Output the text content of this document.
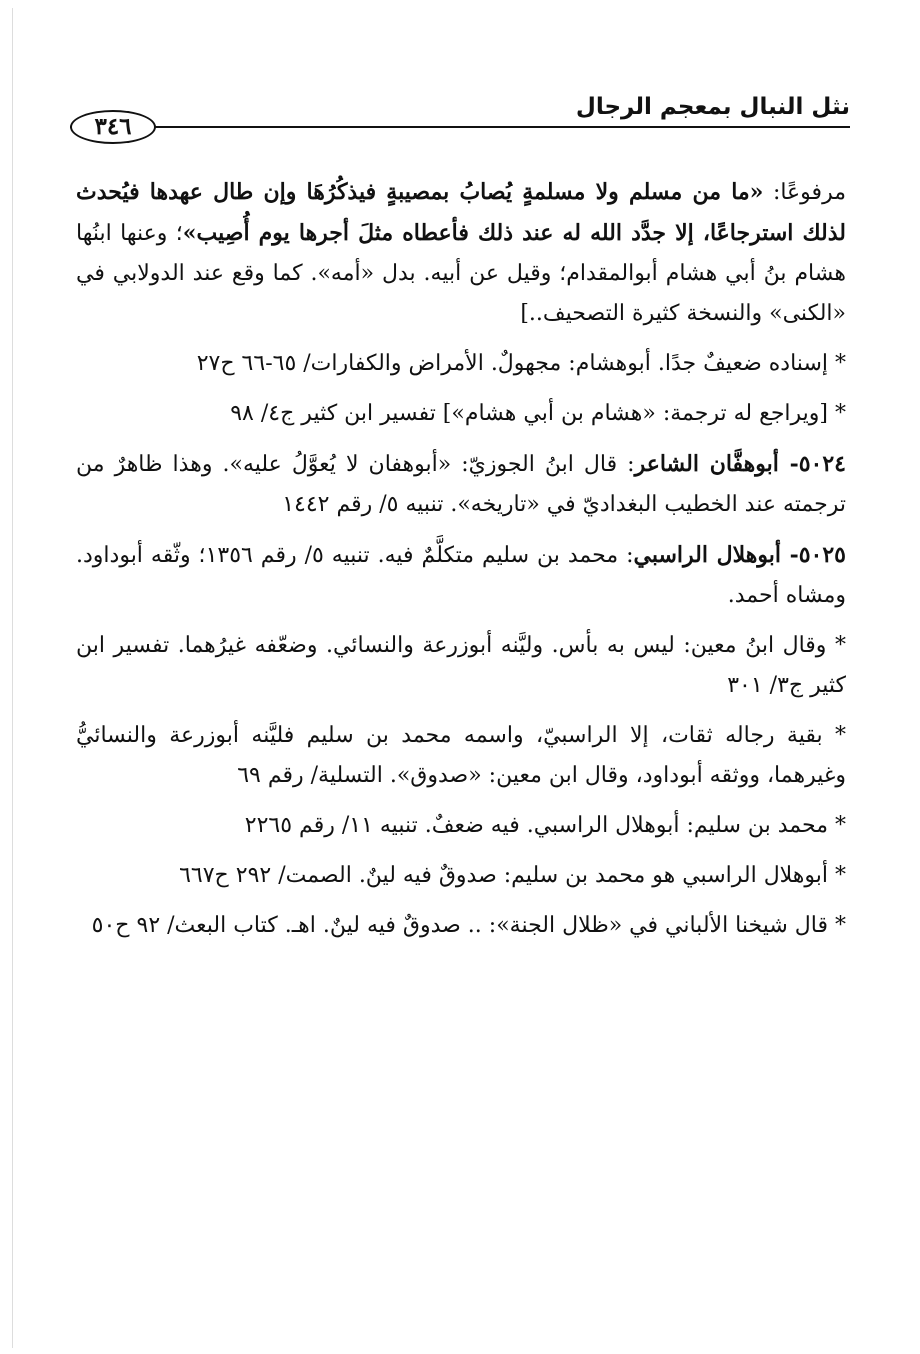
نثل النبال بمعجم الرجال
٣٤٦

مرفوعًا: «ما من مسلم ولا مسلمةٍ يُصابُ بمصيبةٍ فيذكُرُهَا وإن طال عهدها فيُحدث لذلك استرجاعًا، إلا جدَّد الله له عند ذلك فأعطاه مثلَ أجرها يوم أُصِيب»؛ وعنها ابنُها هشام بنُ أبي هشام أبوالمقدام؛ وقيل عن أبيه. بدل «أمه». كما وقع عند الدولابي في «الكنى» والنسخة كثيرة التصحيف..]

* إسناده ضعيفٌ جدًا. أبوهشام: مجهولٌ. الأمراض والكفارات/ ٦٥-٦٦ ح٢٧

* [ويراجع له ترجمة: «هشام بن أبي هشام»] تفسير ابن كثير ج٤/ ٩٨

٥٠٢٤- أبوهفَّان الشاعر: قال ابنُ الجوزيّ: «أبوهفان لا يُعوَّلُ عليه». وهذا ظاهرٌ من ترجمته عند الخطيب البغداديّ في «تاريخه». تنبيه ٥/ رقم ١٤٤٢

٥٠٢٥- أبوهلال الراسبي: محمد بن سليم متكلَّمٌ فيه. تنبيه ٥/ رقم ١٣٥٦؛ وثّقه أبوداود. ومشاه أحمد.

* وقال ابنُ معين: ليس به بأس. وليَّنه أبوزرعة والنسائي. وضعّفه غيرُهما. تفسير ابن كثير ج٣/ ٣٠١

* بقية رجاله ثقات، إلا الراسبيّ، واسمه محمد بن سليم فليَّنه أبوزرعة والنسائيُّ وغيرهما، ووثقه أبوداود، وقال ابن معين: «صدوق». التسلية/ رقم ٦٩

* محمد بن سليم: أبوهلال الراسبي. فيه ضعفٌ. تنبيه ١١/ رقم ٢٢٦٥

* أبوهلال الراسبي هو محمد بن سليم: صدوقٌ فيه لينٌ. الصمت/ ٢٩٢ ح٦٦٧

* قال شيخنا الألباني في «ظلال الجنة»: .. صدوقٌ فيه لينٌ. اهـ. كتاب البعث/ ٩٢ ح٥٠
